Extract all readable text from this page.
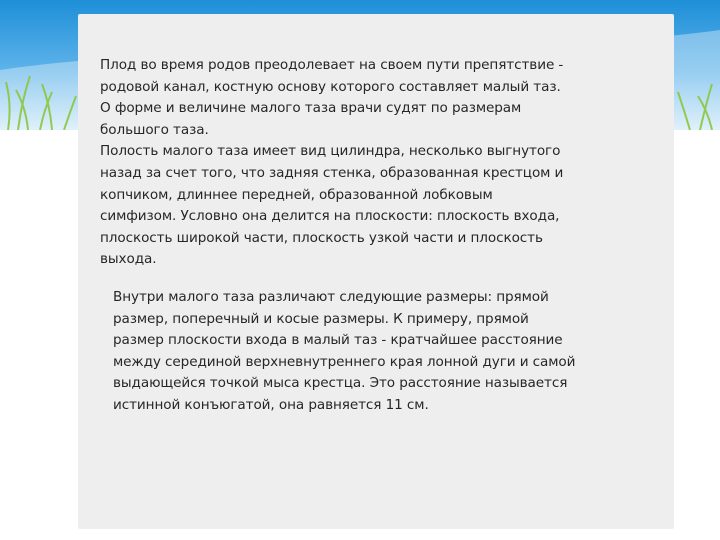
Плод во время родов преодолевает на своем пути препятствие -

родовой канал, костную основу которого составляет малый таз.

О форме и величине малого таза врачи судят по размерам

большого таза.

Полость малого таза имеет вид цилиндра, несколько выгнутого

назад за счет того, что задняя стенка, образованная крестцом и

копчиком, длиннее передней, образованной лобковым

симфизом. Условно она делится на плоскости: плоскость входа,

плоскость широкой части, плоскость узкой части и плоскость

выхода.

Внутри малого таза различают следующие размеры: прямой

размер, поперечный и косые размеры. К примеру, прямой

размер плоскости входа в малый таз - кратчайшее расстояние

между серединой верхневнутреннего края лонной дуги и самой

выдающейся точкой мыса крестца. Это расстояние называется

истинной конъюгатой, она равняется 11 см.
